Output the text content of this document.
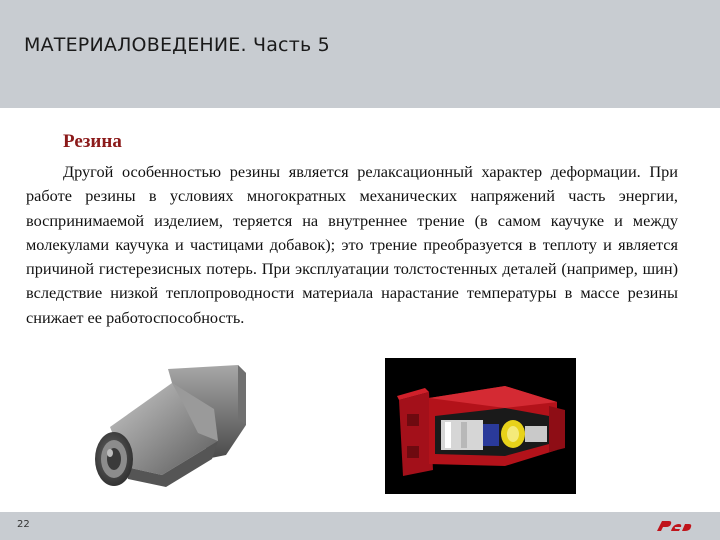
МАТЕРИАЛОВЕДЕНИЕ. Часть 5
Резина

Другой особенностью резины является релаксационный характер деформации. При работе резины в условиях многократных механических напряжений часть энергии, воспринимаемой изделием, теряется на внутреннее трение (в самом каучуке и между молекулами каучука и частицами добавок); это трение преобразуется в теплоту и является причиной гистерезисных потерь. При эксплуатации толстостенных деталей (например, шин) вследствие низкой теплопроводности материала нарастание температуры в массе резины снижает ее работоспособность.

22
